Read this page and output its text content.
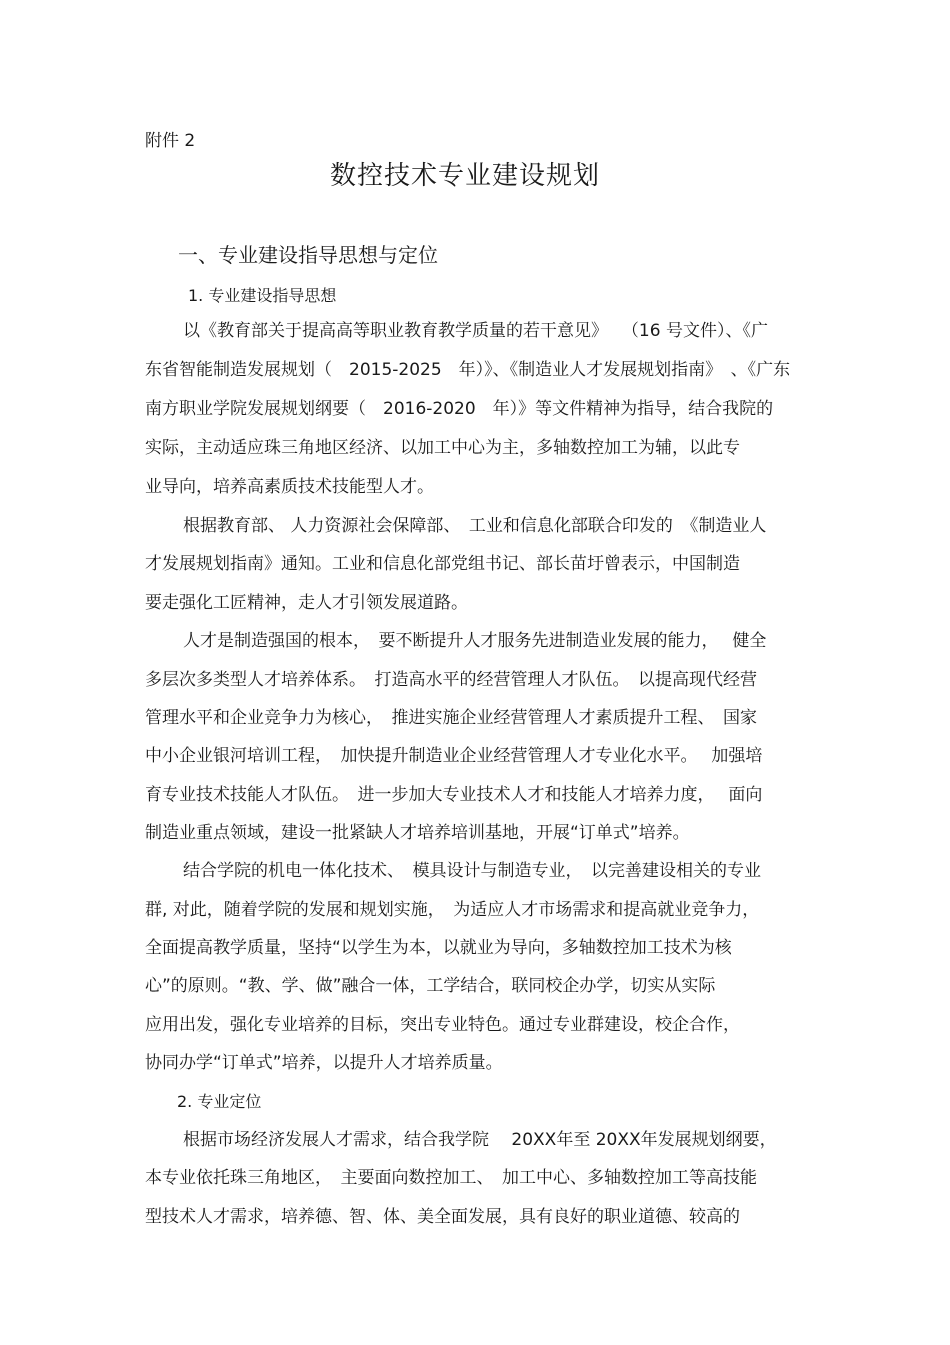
附件 2
数控技术专业建设规划
一、专业建设指导思想与定位
1. 专业建设指导思想
以《教育部关于提高高等职业教育教学质量的若干意见》　 （16 号文件）、《广
东省智能制造发展规划（　2015-2025　年）》、《制造业人才发展规划指南》　、《广东
南方职业学院发展规划纲要（　2016-2020　年）》等文件精神为指导，结合我院的
实际，主动适应珠三角地区经济、以加工中心为主，多轴数控加工为辅，以此专
业导向，培养高素质技术技能型人才。
根据教育部、 人力资源社会保障部、　工业和信息化部联合印发的　《制造业人
才发展规划指南》通知。工业和信息化部党组书记、部长苗圩曾表示，中国制造
要走强化工匠精神，走人才引领发展道路。
人才是制造强国的根本，　要不断提升人才服务先进制造业发展的能力，　 健全
多层次多类型人才培养体系。　打造高水平的经营管理人才队伍。　以提高现代经营
管理水平和企业竞争力为核心，　推进实施企业经营管理人才素质提升工程、　国家
中小企业银河培训工程，　加快提升制造业企业经营管理人才专业化水平。　 加强培
育专业技术技能人才队伍。　进一步加大专业技术人才和技能人才培养力度，　 面向
制造业重点领域，建设一批紧缺人才培养培训基地，开展“订单式”培养。
结合学院的机电一体化技术、　模具设计与制造专业，　以完善建设相关的专业
群, 对此，随着学院的发展和规划实施，　为适应人才市场需求和提高就业竞争力，
全面提高教学质量，坚持“以学生为本，以就业为导向，多轴数控加工技术为核
心”的原则。“教、学、做”融合一体，工学结合，联同校企办学，切实从实际
应用出发，强化专业培养的目标，突出专业特色。通过专业群建设，校企合作，
协同办学“订单式”培养，以提升人才培养质量。
2. 专业定位
根据市场经济发展人才需求，结合我学院　 20XX年至 20XX年发展规划纲要，
本专业依托珠三角地区，　主要面向数控加工、　加工中心、多轴数控加工等高技能
型技术人才需求，培养德、智、体、美全面发展，具有良好的职业道德、较高的
